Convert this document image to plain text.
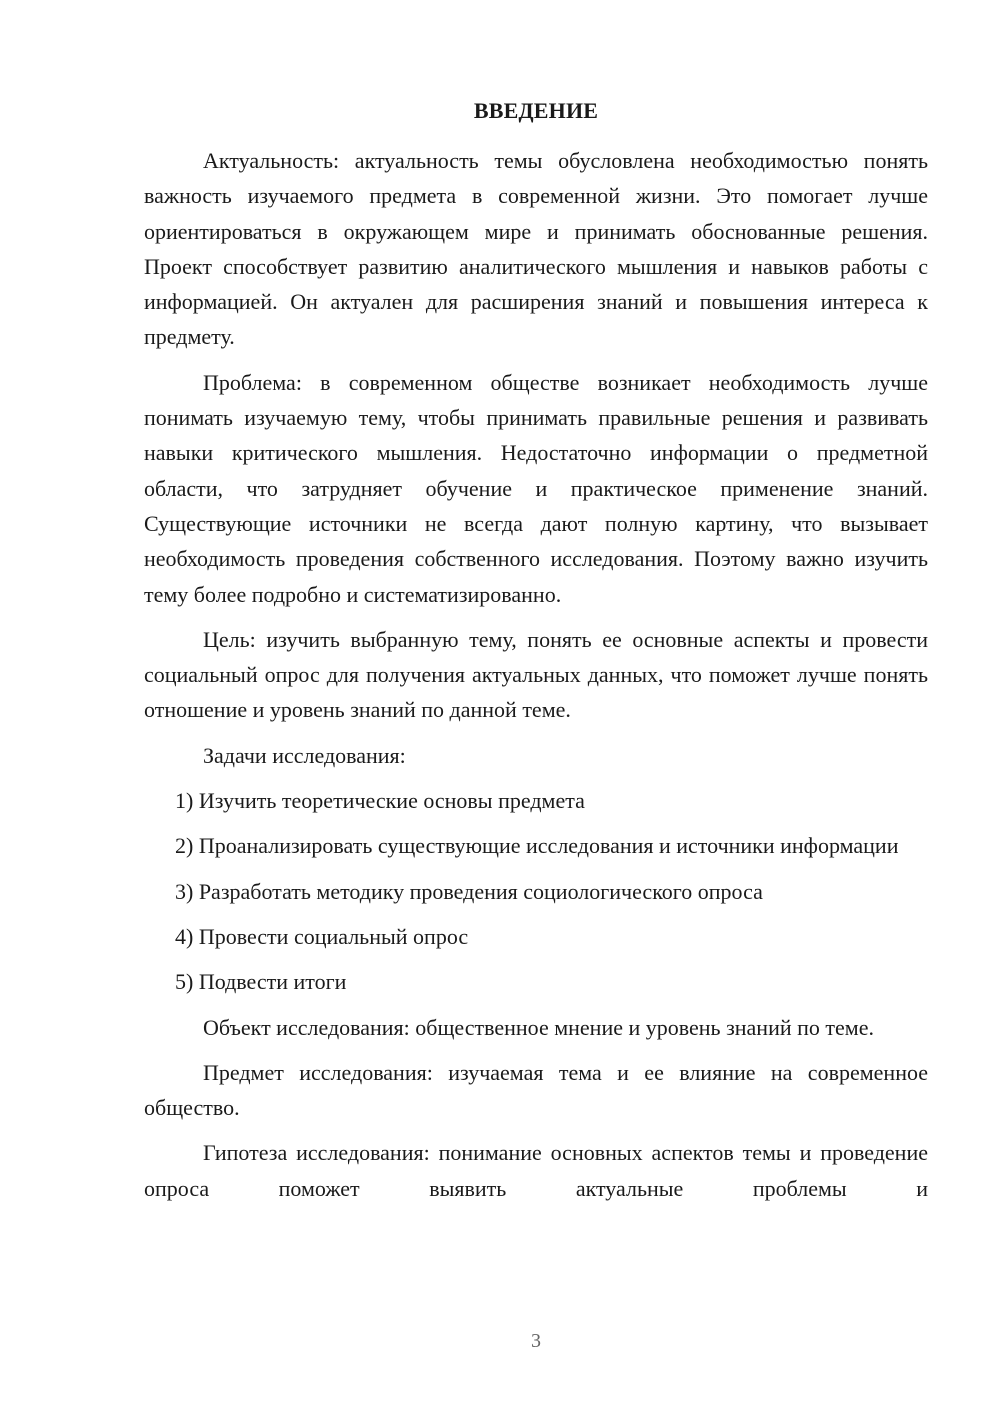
ВВЕДЕНИЕ

Актуальность: актуальность темы обусловлена необходимостью понять важность изучаемого предмета в современной жизни. Это помогает лучше ориентироваться в окружающем мире и принимать обоснованные решения. Проект способствует развитию аналитического мышления и навыков работы с информацией. Он актуален для расширения знаний и повышения интереса к предмету.

Проблема: в современном обществе возникает необходимость лучше понимать изучаемую тему, чтобы принимать правильные решения и развивать навыки критического мышления. Недостаточно информации о предметной области, что затрудняет обучение и практическое применение знаний. Существующие источники не всегда дают полную картину, что вызывает необходимость проведения собственного исследования. Поэтому важно изучить тему более подробно и систематизированно.

Цель: изучить выбранную тему, понять ее основные аспекты и провести социальный опрос для получения актуальных данных, что поможет лучше понять отношение и уровень знаний по данной теме.

Задачи исследования:

1) Изучить теоретические основы предмета

2) Проанализировать существующие исследования и источники информации

3) Разработать методику проведения социологического опроса

4) Провести социальный опрос

5) Подвести итоги

Объект исследования: общественное мнение и уровень знаний по теме.

Предмет исследования: изучаемая тема и ее влияние на современное общество.

Гипотеза исследования: понимание основных аспектов темы и проведение опроса поможет выявить актуальные проблемы и

3
